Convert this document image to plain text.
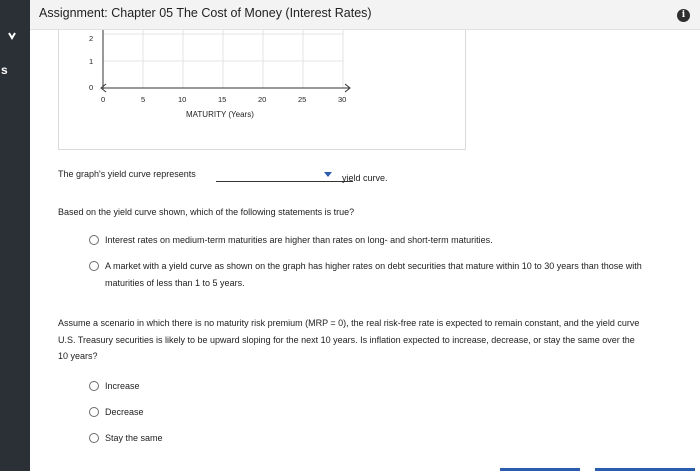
s
Assignment: Chapter 05 The Cost of Money (Interest Rates)	i
2
1
0
0	5	10	15	20	25	30
MATURITY (Years)
The graph's yield curve represents	yield curve.
Based on the yield curve shown, which of the following statements is true?
Interest rates on medium-term maturities are higher than rates on long- and short-term maturities.
A market with a yield curve as shown on the graph has higher rates on debt securities that mature within 10 to 30 years than those with
maturities of less than 1 to 5 years.
Assume a scenario in which there is no maturity risk premium (MRP = 0), the real risk-free rate is expected to remain constant, and the yield curve
U.S. Treasury securities is likely to be upward sloping for the next 10 years. Is inflation expected to increase, decrease, or stay the same over the
10 years?
Increase
Decrease
Stay the same
